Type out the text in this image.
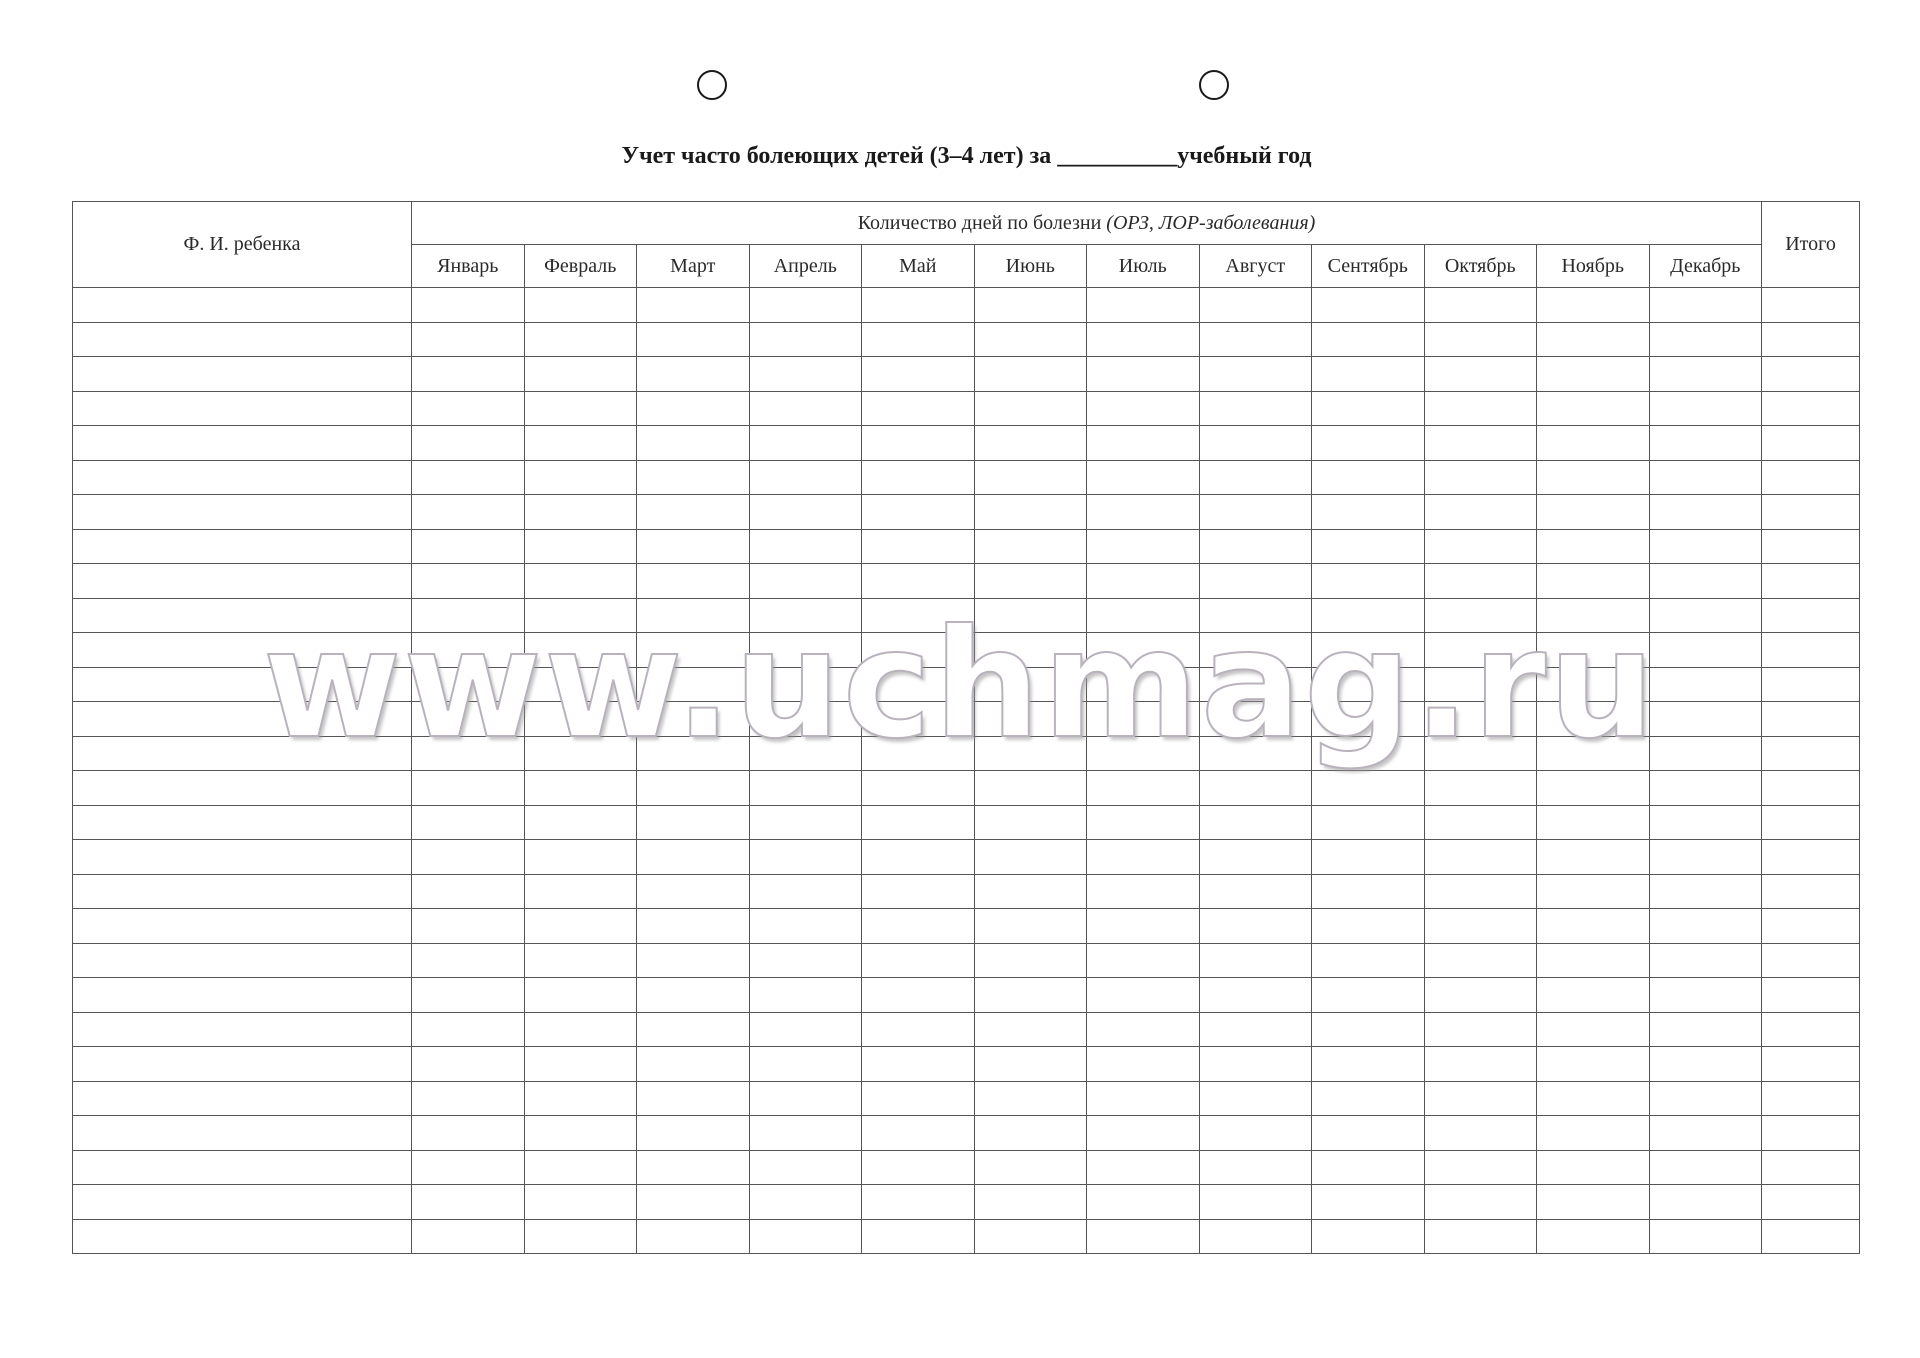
Учет часто болеющих детей (3–4 лет) за __________учебный год
Ф. И. ребенка	Количество дней по болезни (ОРЗ, ЛОР-заболевания)												Итого
	Январь	Февраль	Март	Апрель	Май	Июнь	Июль	Август	Сентябрь	Октябрь	Ноябрь	Декабрь	

www.uchmag.ru
